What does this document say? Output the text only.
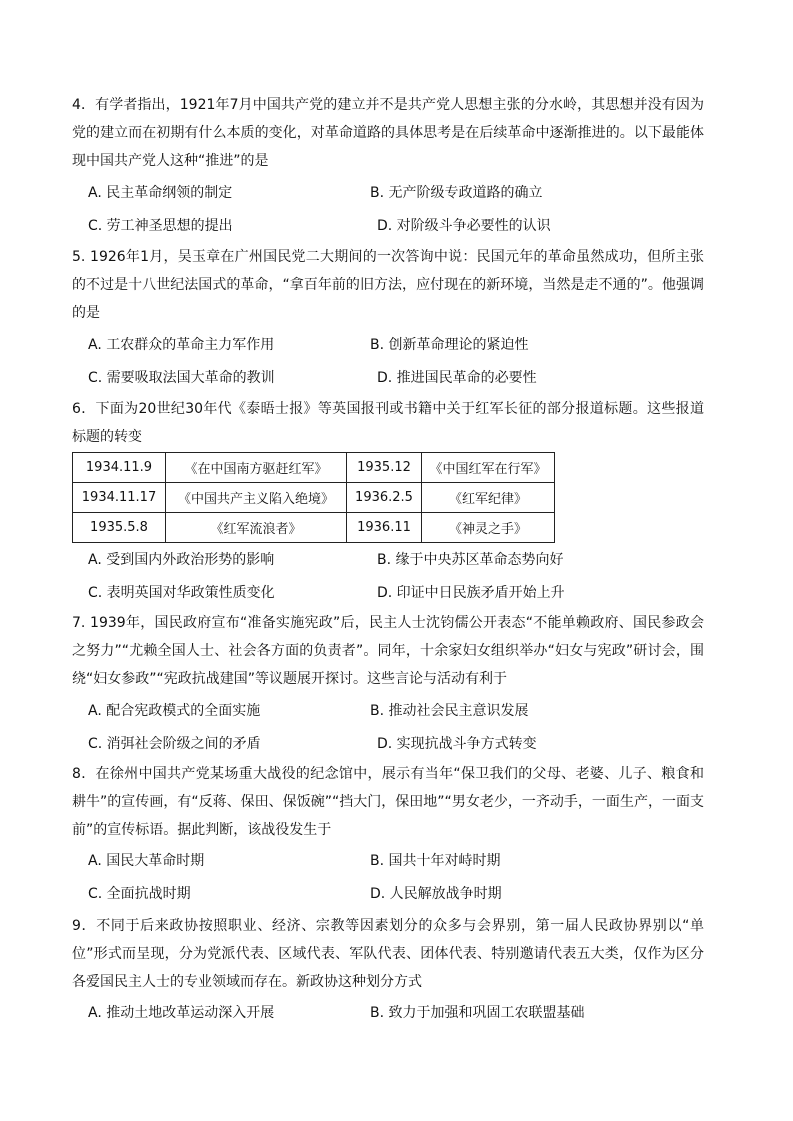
4．有学者指出，1921年7月中国共产党的建立并不是共产党人思想主张的分水岭，其思想并没有因为党的建立而在初期有什么本质的变化，对革命道路的具体思考是在后续革命中逐渐推进的。以下最能体现中国共产党人这种“推进”的是

A. 民主革命纲领的制定	B. 无产阶级专政道路的确立
C. 劳工神圣思想的提出	D. 对阶级斗争必要性的认识

5. 1926年1月，吴玉章在广州国民党二大期间的一次答询中说：民国元年的革命虽然成功，但所主张的不过是十八世纪法国式的革命，“拿百年前的旧方法，应付现在的新环境，当然是走不通的”。他强调的是

A. 工农群众的革命主力军作用	B. 创新革命理论的紧迫性
C. 需要吸取法国大革命的教训	D. 推进国民革命的必要性

6．下面为20世纪30年代《泰晤士报》等英国报刊或书籍中关于红军长征的部分报道标题。这些报道标题的转变

1934.11.9	《在中国南方驱赶红军》	1935.12	《中国红军在行军》
1934.11.17	《中国共产主义陷入绝境》	1936.2.5	《红军纪律》
1935.5.8	《红军流浪者》	1936.11	《神灵之手》
A. 受到国内外政治形势的影响	B. 缘于中央苏区革命态势向好
C. 表明英国对华政策性质变化	D. 印证中日民族矛盾开始上升

7. 1939年，国民政府宣布“准备实施宪政”后，民主人士沈钧儒公开表态“不能单赖政府、国民参政会之努力”“尤赖全国人士、社会各方面的负责者”。同年，十余家妇女组织举办“妇女与宪政”研讨会，围绕“妇女参政”“宪政抗战建国”等议题展开探讨。这些言论与活动有利于

A. 配合宪政模式的全面实施	B. 推动社会民主意识发展
C. 消弭社会阶级之间的矛盾	D. 实现抗战斗争方式转变

8．在徐州中国共产党某场重大战役的纪念馆中，展示有当年“保卫我们的父母、老婆、儿子、粮食和耕牛”的宣传画，有“反蒋、保田、保饭碗”“挡大门，保田地”“男女老少，一齐动手，一面生产，一面支前”的宣传标语。据此判断，该战役发生于

A. 国民大革命时期	B. 国共十年对峙时期
C. 全面抗战时期	D. 人民解放战争时期

9．不同于后来政协按照职业、经济、宗教等因素划分的众多与会界别，第一届人民政协界别以“单位”形式而呈现，分为党派代表、区域代表、军队代表、团体代表、特别邀请代表五大类，仅作为区分各爱国民主人士的专业领域而存在。新政协这种划分方式

A. 推动土地改革运动深入开展	B. 致力于加强和巩固工农联盟基础
